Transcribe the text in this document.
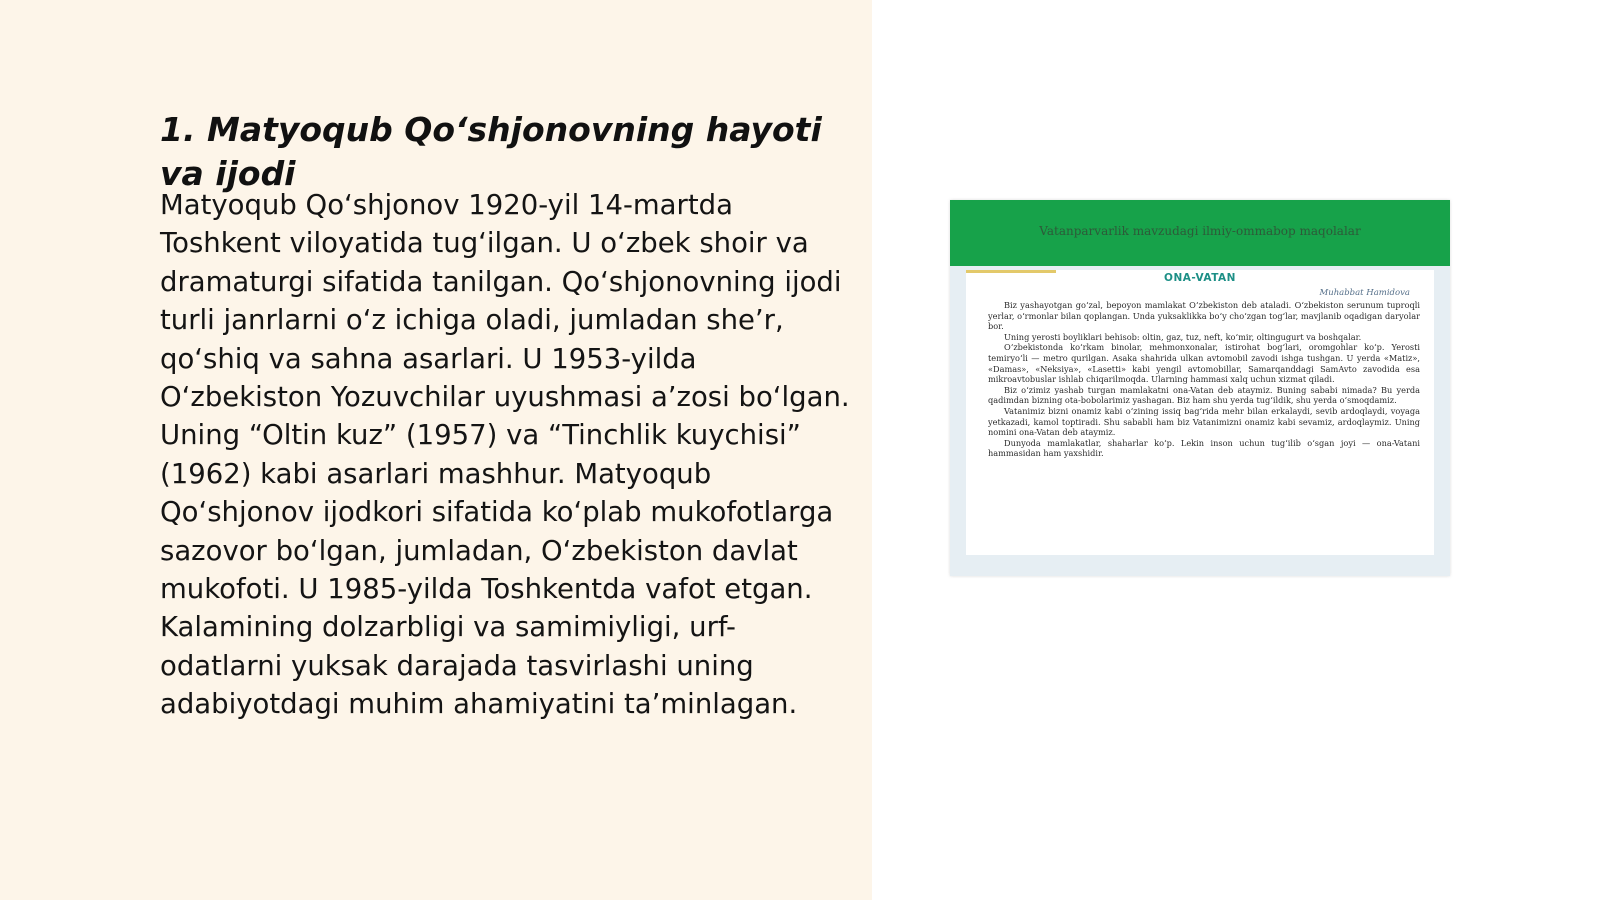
1. Matyoqub Qo‘shjonovning hayoti va ijodi

Matyoqub Qo‘shjonov 1920-yil 14-martda Toshkent viloyatida tug‘ilgan. U o‘zbek shoir va dramaturgi sifatida tanilgan. Qo‘shjonovning ijodi turli janrlarni o‘z ichiga oladi, jumladan she’r, qo‘shiq va sahna asarlari. U 1953-yilda O‘zbekiston Yozuvchilar uyushmasi a’zosi bo‘lgan. Uning “Oltin kuz” (1957) va “Tinchlik kuychisi” (1962) kabi asarlari mashhur. Matyoqub Qo‘shjonov ijodkori sifatida ko‘plab mukofotlarga sazovor bo‘lgan, jumladan, O‘zbekiston davlat mukofoti. U 1985-yilda Toshkentda vafot etgan. Kalamining dolzarbligi va samimiyligi, urf-odatlarni yuksak darajada tasvirlashi uning adabiyotdagi muhim ahamiyatini ta’minlagan.

Vatanparvarlik mavzudagi ilmiy-ommabop maqolalar
ONA-VATAN
Muhabbat Hamidova

Biz yashayotgan go‘zal, bepoyon mamlakat O‘zbekiston deb ataladi. O‘zbekiston serunum tuproqli yerlar, o‘rmonlar bilan qoplangan. Unda yuksaklikka bo‘y cho‘zgan tog‘lar, mavjlanib oqadigan daryolar bor.

Uning yerosti boyliklari behisob: oltin, gaz, tuz, neft, ko‘mir, oltingugurt va boshqalar.

O‘zbekistonda ko‘rkam binolar, mehmonxonalar, istirohat bog‘lari, oromgohlar ko‘p. Yerosti temiryo‘li — metro qurilgan. Asaka shahrida ulkan avtomobil zavodi ishga tushgan. U yerda «Matiz», «Damas», «Neksiya», «Lasetti» kabi yengil avtomobillar, Samarqanddagi SamAvto zavodida esa mikroavtobuslar ishlab chiqarilmoqda. Ularning hammasi xalq uchun xizmat qiladi.

Biz o‘zimiz yashab turgan mamlakatni ona-Vatan deb ataymiz. Buning sababi nimada? Bu yerda qadimdan bizning ota-bobolarimiz yashagan. Biz ham shu yerda tug‘ildik, shu yerda o‘smoqdamiz.

Vatanimiz bizni onamiz kabi o‘zining issiq bag‘rida mehr bilan erkalaydi, sevib ardoqlaydi, voyaga yetkazadi, kamol toptiradi. Shu sababli ham biz Vatanimizni onamiz kabi sevamiz, ardoqlaymiz. Uning nomini ona-Vatan deb ataymiz.

Dunyoda mamlakatlar, shaharlar ko‘p. Lekin inson uchun tug‘ilib o‘sgan joyi — ona-Vatani hammasidan ham yaxshidir.
